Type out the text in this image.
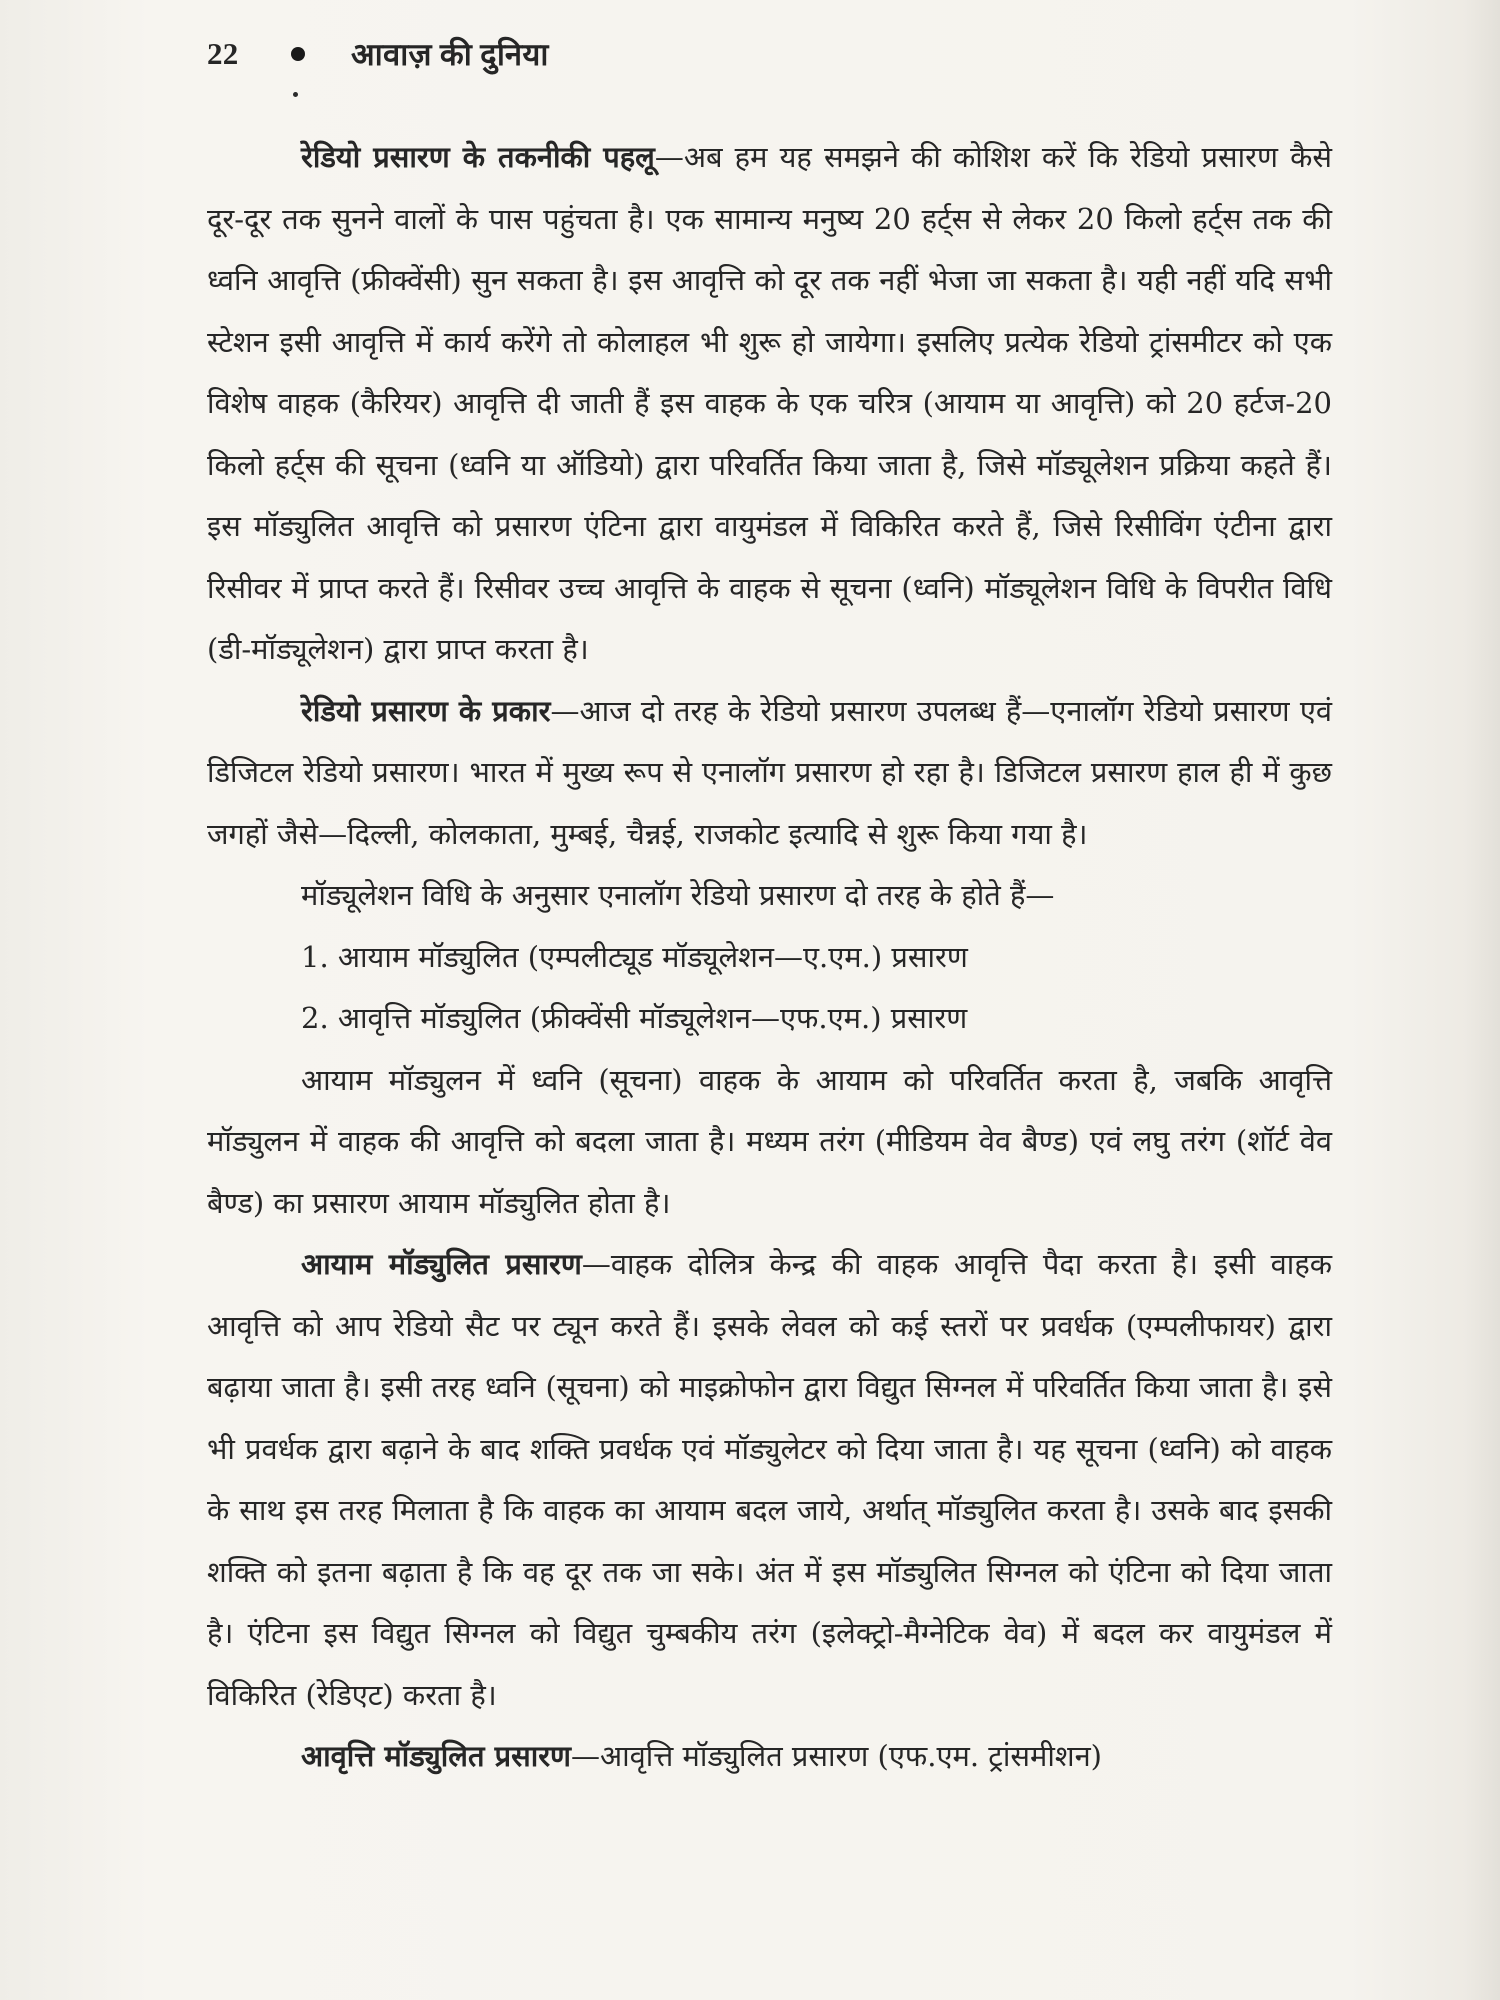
22	आवाज़ की दुनिया

रेडियो प्रसारण के तकनीकी पहलू—अब हम यह समझने की कोशिश करें कि रेडियो प्रसारण कैसे दूर-दूर तक सुनने वालों के पास पहुंचता है। एक सामान्य मनुष्य 20 हर्ट्स से लेकर 20 किलो हर्ट्स तक की ध्वनि आवृत्ति (फ्रीक्वेंसी) सुन सकता है। इस आवृत्ति को दूर तक नहीं भेजा जा सकता है। यही नहीं यदि सभी स्टेशन इसी आवृत्ति में कार्य करेंगे तो कोलाहल भी शुरू हो जायेगा। इसलिए प्रत्येक रेडियो ट्रांसमीटर को एक विशेष वाहक (कैरियर) आवृत्ति दी जाती हैं इस वाहक के एक चरित्र (आयाम या आवृत्ति) को 20 हर्टज-20 किलो हर्ट्स की सूचना (ध्वनि या ऑडियो) द्वारा परिवर्तित किया जाता है, जिसे मॉड्यूलेशन प्रक्रिया कहते हैं। इस मॉड्युलित आवृत्ति को प्रसारण एंटिना द्वारा वायुमंडल में विकिरित करते हैं, जिसे रिसीविंग एंटीना द्वारा रिसीवर में प्राप्त करते हैं। रिसीवर उच्च आवृत्ति के वाहक से सूचना (ध्वनि) मॉड्यूलेशन विधि के विपरीत विधि (डी-मॉड्यूलेशन) द्वारा प्राप्त करता है।

रेडियो प्रसारण के प्रकार—आज दो तरह के रेडियो प्रसारण उपलब्ध हैं—एनालॉग रेडियो प्रसारण एवं डिजिटल रेडियो प्रसारण। भारत में मुख्य रूप से एनालॉग प्रसारण हो रहा है। डिजिटल प्रसारण हाल ही में कुछ जगहों जैसे—दिल्ली, कोलकाता, मुम्बई, चैन्नई, राजकोट इत्यादि से शुरू किया गया है।

मॉड्यूलेशन विधि के अनुसार एनालॉग रेडियो प्रसारण दो तरह के होते हैं—

1. आयाम मॉड्युलित (एम्पलीट्यूड मॉड्यूलेशन—ए.एम.) प्रसारण

2. आवृत्ति मॉड्युलित (फ्रीक्वेंसी मॉड्यूलेशन—एफ.एम.) प्रसारण

आयाम मॉड्युलन में ध्वनि (सूचना) वाहक के आयाम को परिवर्तित करता है, जबकि आवृत्ति मॉड्युलन में वाहक की आवृत्ति को बदला जाता है। मध्यम तरंग (मीडियम वेव बैण्ड) एवं लघु तरंग (शॉर्ट वेव बैण्ड) का प्रसारण आयाम मॉड्युलित होता है।

आयाम मॉड्युलित प्रसारण—वाहक दोलित्र केन्द्र की वाहक आवृत्ति पैदा करता है। इसी वाहक आवृत्ति को आप रेडियो सैट पर ट्यून करते हैं। इसके लेवल को कई स्तरों पर प्रवर्धक (एम्पलीफायर) द्वारा बढ़ाया जाता है। इसी तरह ध्वनि (सूचना) को माइक्रोफोन द्वारा विद्युत सिग्नल में परिवर्तित किया जाता है। इसे भी प्रवर्धक द्वारा बढ़ाने के बाद शक्ति प्रवर्धक एवं मॉड्युलेटर को दिया जाता है। यह सूचना (ध्वनि) को वाहक के साथ इस तरह मिलाता है कि वाहक का आयाम बदल जाये, अर्थात् मॉड्युलित करता है। उसके बाद इसकी शक्ति को इतना बढ़ाता है कि वह दूर तक जा सके। अंत में इस मॉड्युलित सिग्नल को एंटिना को दिया जाता है। एंटिना इस विद्युत सिग्नल को विद्युत चुम्बकीय तरंग (इलेक्ट्रो-मैग्नेटिक वेव) में बदल कर वायुमंडल में विकिरित (रेडिएट) करता है।

आवृत्ति मॉड्युलित प्रसारण—आवृत्ति मॉड्युलित प्रसारण (एफ.एम. ट्रांसमीशन)
